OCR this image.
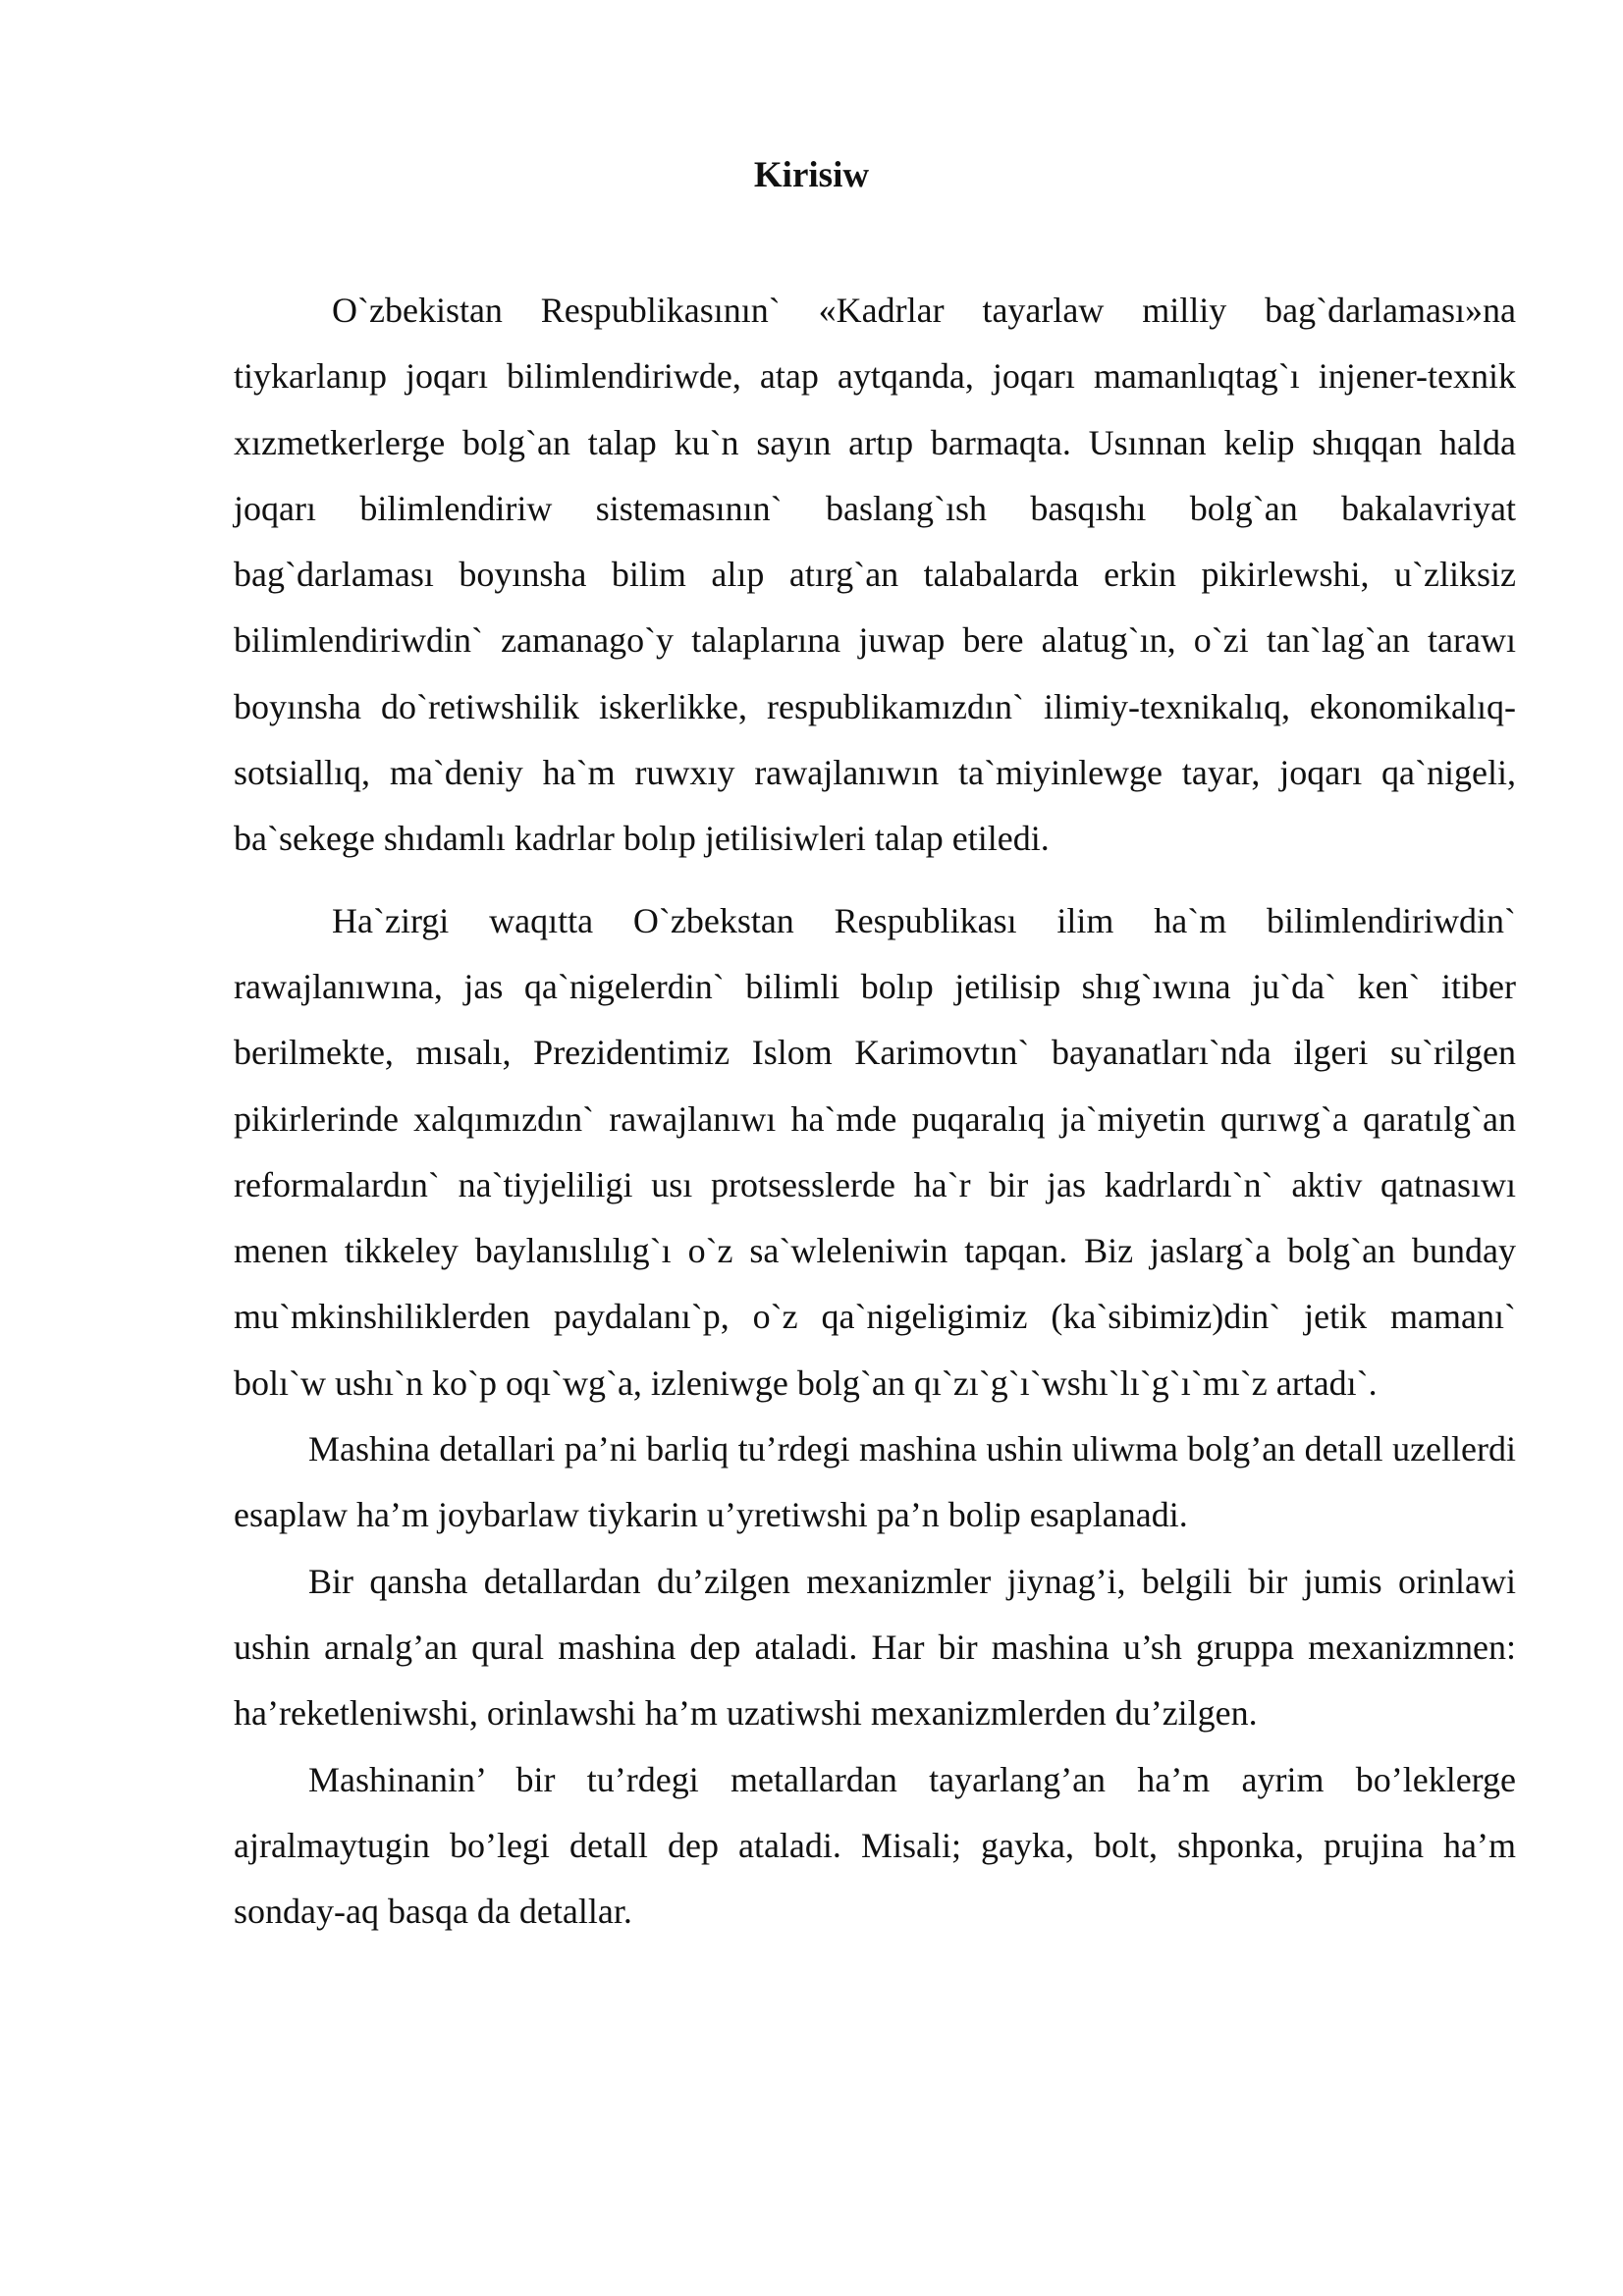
Kirisiw

O`zbekistan Respublikasının` «Kadrlar tayarlaw milliy bag`darlaması»na tiykarlanıp joqarı bilimlendiriwde, atap aytqanda, joqarı mamanlıqtag`ı injener-texnik xızmetkerlerge bolg`an talap ku`n sayın artıp barmaqta. Usınnan kelip shıqqan halda joqarı bilimlendiriw sistemasının` baslang`ısh basqıshı bolg`an bakalavriyat bag`darlaması boyınsha bilim alıp atırg`an talabalarda erkin pikirlewshi, u`zliksiz bilimlendiriwdin` zamanago`y talaplarına juwap bere alatug`ın, o`zi tan`lag`an tarawı boyınsha do`retiwshilik iskerlikke, respublikamızdın` ilimiy-texnikalıq, ekonomikalıq-sotsiallıq, ma`deniy ha`m ruwxıy rawajlanıwın ta`miyinlewge tayar, joqarı qa`nigeli, ba`sekege shıdamlı kadrlar bolıp jetilisiwleri talap etiledi.

Ha`zirgi waqıtta O`zbekstan Respublikası ilim ha`m bilimlendiriwdin` rawajlanıwına, jas qa`nigelerdin` bilimli bolıp jetilisip shıg`ıwına ju`da` ken` itiber berilmekte, mısalı, Prezidentimiz Islom Karimovtın` bayanatları`nda ilgeri su`rilgen pikirlerinde xalqımızdın` rawajlanıwı ha`mde puqaralıq ja`miyetin qurıwg`a qaratılg`an reformalardın` na`tiyjeliligi usı protsesslerde ha`r bir jas kadrlardı`n` aktiv qatnasıwı menen tikkeley baylanıslılıg`ı o`z sa`wleleniwin tapqan. Biz jaslarg`a bolg`an bunday mu`mkinshiliklerden paydalanı`p, o`z qa`nigeligimiz (ka`sibimiz)din` jetik mamanı` bolı`w ushı`n ko`p oqı`wg`a, izleniwge bolg`an qı`zı`g`ı`wshı`lı`g`ı`mı`z artadı`.

Mashina detallari pa’ni barliq tu’rdegi mashina ushin uliwma bolg’an detall uzellerdi esaplaw ha’m joybarlaw tiykarin u’yretiwshi pa’n bolip esaplanadi.

Bir qansha detallardan du’zilgen mexanizmler jiynag’i, belgili bir jumis orinlawi ushin arnalg’an qural mashina dep ataladi. Har bir mashina u’sh gruppa mexanizmnen: ha’reketleniwshi, orinlawshi ha’m uzatiwshi mexanizmlerden du’zilgen.

Mashinanin’ bir tu’rdegi metallardan tayarlang’an ha’m ayrim bo’leklerge ajralmaytugin bo’legi detall dep ataladi. Misali; gayka, bolt, shponka, prujina ha’m sonday-aq basqa da detallar.
